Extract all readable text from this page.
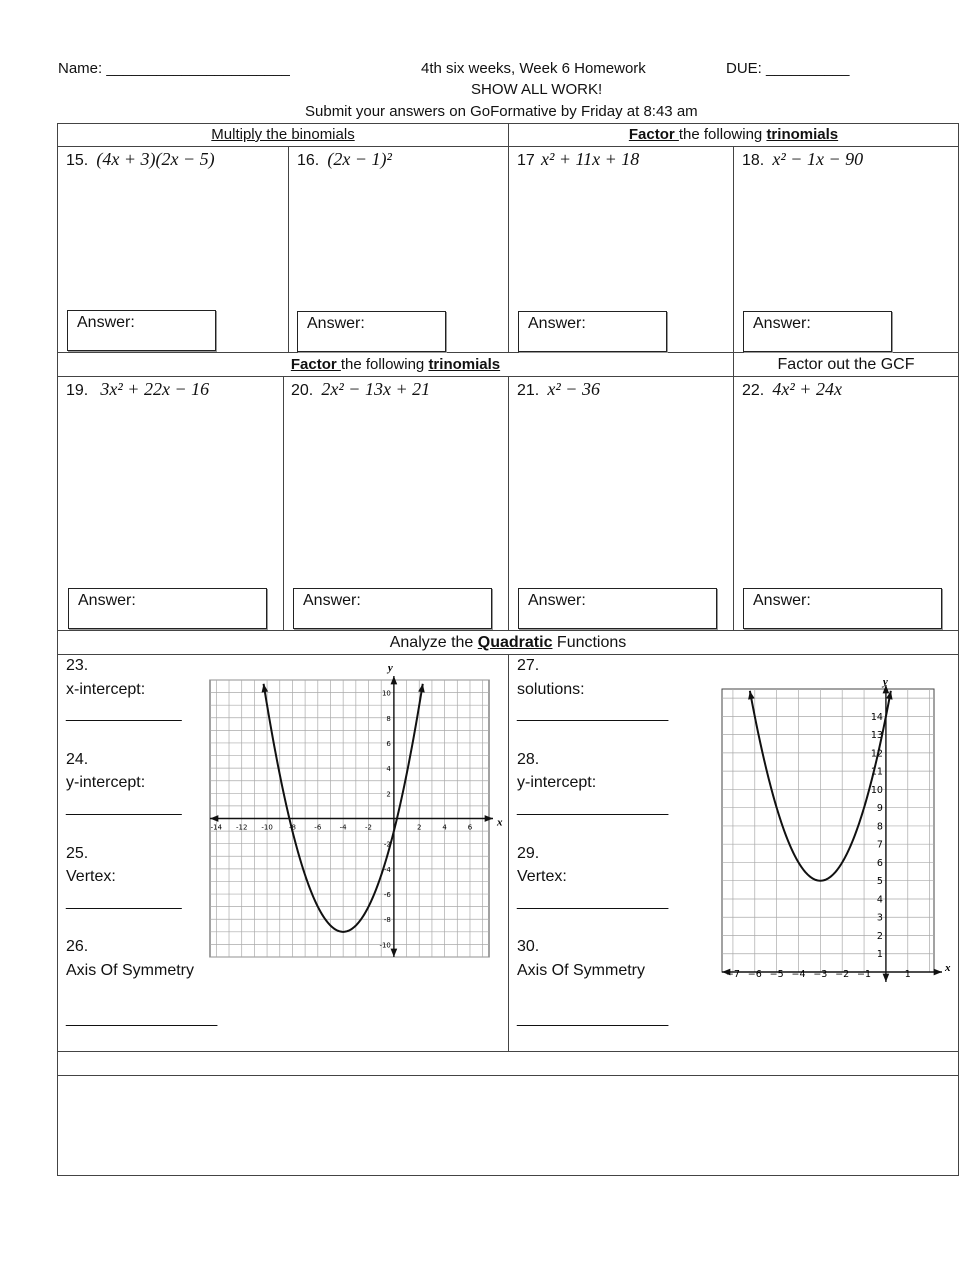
Name: ______________________	4th six weeks, Week 6 Homework	DUE: __________
SHOW ALL WORK!
Submit your answers on GoFormative by Friday at 8:43 am
Multiply the binomials	Factor the following trinomials
15. (4x + 3)(2x − 5)	16. (2x − 1)²	17 x² + 11x + 18	18. x² − 1x − 90
Answer:	Answer:	Answer:	Answer:
Factor the following trinomials	Factor out the GCF
19. 3x² + 22x − 16	20. 2x² − 13x + 21	21. x² − 36	22. 4x² + 24x
Answer:	Answer:	Answer:	Answer:
Analyze the Quadratic Functions
23.
x-intercept:
_____________
24.
y-intercept:
_____________
25.
Vertex:
_____________
26.
Axis Of Symmetry
_________________
27.
solutions:
_________________
28.
y-intercept:
_________________
29.
Vertex:
_________________
30.
Axis Of Symmetry
_________________
x
y
-14 -12 -10 -8	-6	-4	-2	2	4	6
10
8
6
4
2
-2
-4
-6
-8
-10
x
y
−7 −6 −5 −4 −3 −2 −1	1
14
13
12
11
10
9
8
7
6
5
4
3
2
1
